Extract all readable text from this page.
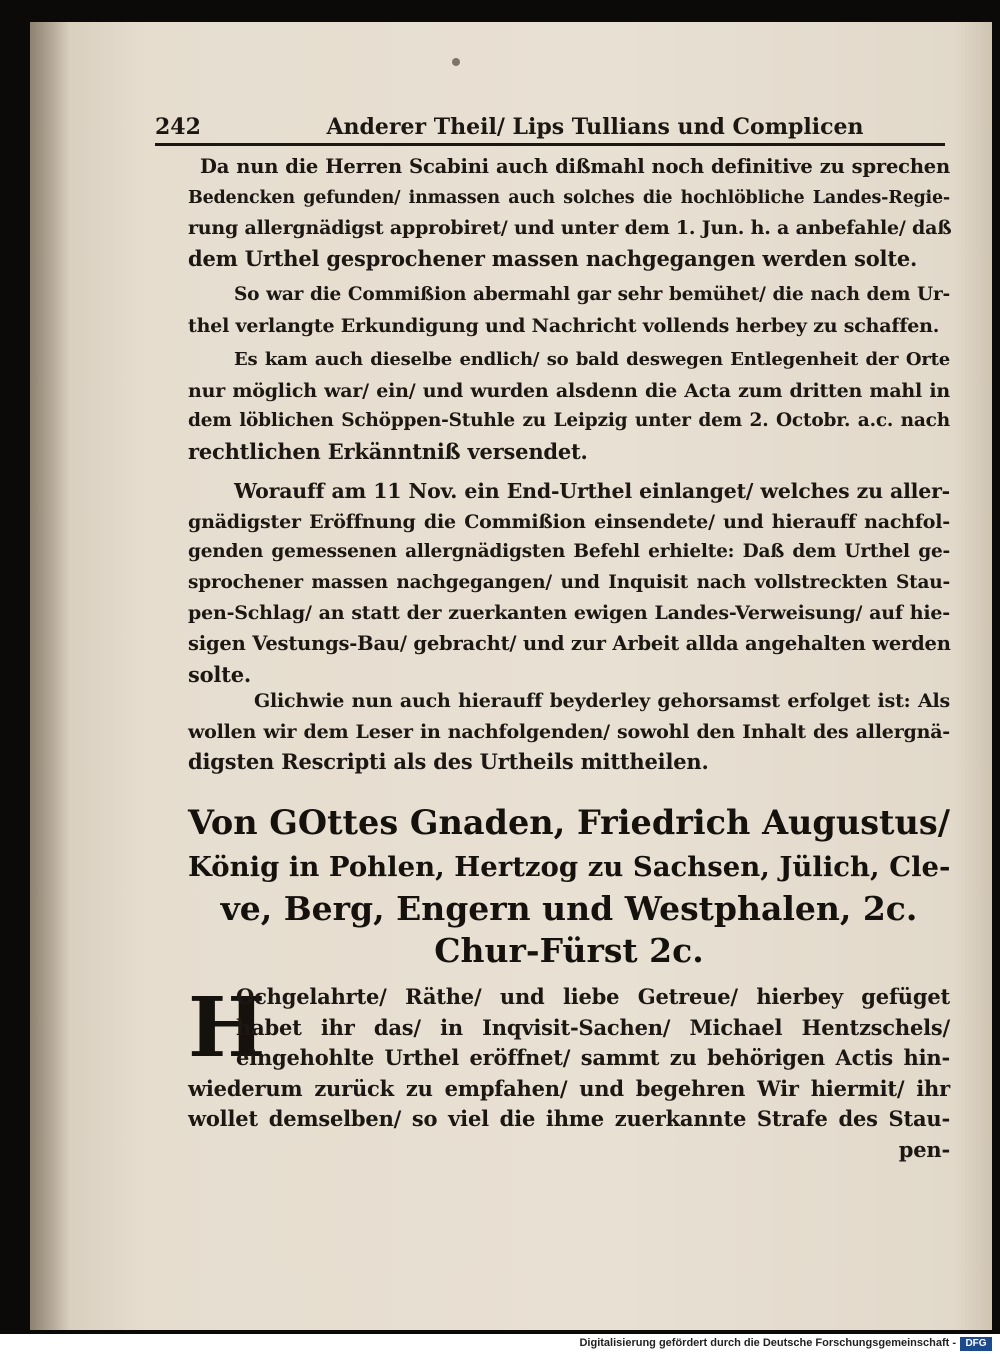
242	Anderer Theil/ Lips Tullians und Complicen
Da nun die Herren Scabini auch dißmahl noch definitive zu sprechen
Bedencken gefunden/ inmassen auch solches die hochlöbliche Landes-Regie-
rung allergnädigst approbiret/ und unter dem 1. Jun. h. a anbefahle/ daß
dem Urthel gesprochener massen nachgegangen werden solte.
So war die Commißion abermahl gar sehr bemühet/ die nach dem Ur-
thel verlangte Erkundigung und Nachricht vollends herbey zu schaffen.
Es kam auch dieselbe endlich/ so bald deswegen Entlegenheit der Orte
nur möglich war/ ein/ und wurden alsdenn die Acta zum dritten mahl in
dem löblichen Schöppen-Stuhle zu Leipzig unter dem 2. Octobr. a.c. nach
rechtlichen Erkänntniß versendet.
Worauff am 11 Nov. ein End-Urthel einlanget/ welches zu aller-
gnädigster Eröffnung die Commißion einsendete/ und hierauff nachfol-
genden gemessenen allergnädigsten Befehl erhielte: Daß dem Urthel ge-
sprochener massen nachgegangen/ und Inquisit nach vollstreckten Stau-
pen-Schlag/ an statt der zuerkanten ewigen Landes-Verweisung/ auf hie-
sigen Vestungs-Bau/ gebracht/ und zur Arbeit allda angehalten werden
solte.
Glichwie nun auch hierauff beyderley gehorsamst erfolget ist: Als
wollen wir dem Leser in nachfolgenden/ sowohl den Inhalt des allergnä-
digsten Rescripti als des Urtheils mittheilen.
Von GOttes Gnaden, Friedrich Augustus/
König in Pohlen, Hertzog zu Sachsen, Jülich, Cle-
ve, Berg, Engern und Westphalen, 2c.
Chur-Fürst 2c.
H
Ochgelahrte/ Räthe/ und liebe Getreue/ hierbey gefüget
habet ihr das/ in Inqvisit-Sachen/ Michael Hentzschels/
eingehohlte Urthel eröffnet/ sammt zu behörigen Actis hin-
wiederum zurück zu empfahen/ und begehren Wir hiermit/ ihr
wollet demselben/ so viel die ihme zuerkannte Strafe des Stau-
pen-
Digitalisierung gefördert durch die Deutsche Forschungsgemeinschaft - DFG
